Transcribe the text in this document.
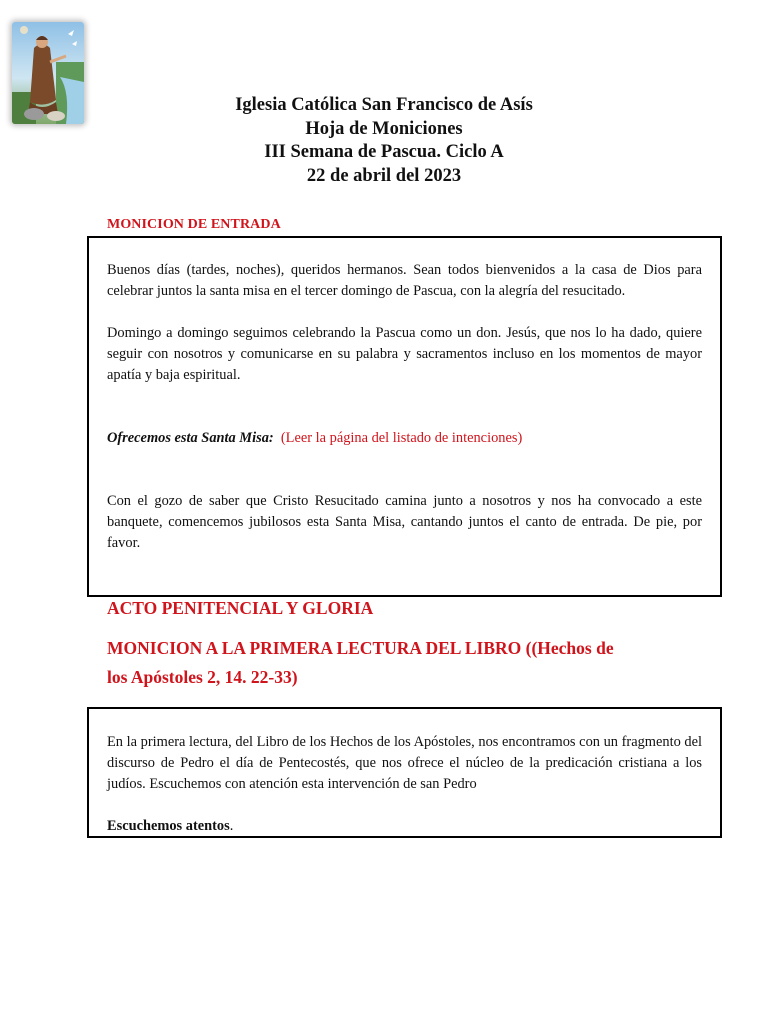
Iglesia Católica San Francisco de Asís
Hoja de Moniciones
III Semana de Pascua. Ciclo A
22 de abril del 2023
MONICION DE ENTRADA

Buenos días (tardes, noches), queridos hermanos. Sean todos bienvenidos a la casa de Dios para celebrar juntos la santa misa en el tercer domingo de Pascua, con la alegría del resucitado.

Domingo a domingo seguimos celebrando la Pascua como un don. Jesús, que nos lo ha dado, quiere seguir con nosotros y comunicarse en su palabra y sacramentos incluso en los momentos de mayor apatía y baja espiritual.

Ofrecemos esta Santa Misa: (Leer la página del listado de intenciones)

Con el gozo de saber que Cristo Resucitado camina junto a nosotros y nos ha convocado a este banquete, comencemos jubilosos esta Santa Misa, cantando juntos el canto de entrada. De pie, por favor.

ACTO PENITENCIAL Y GLORIA
MONICION A LA PRIMERA LECTURA DEL LIBRO ((Hechos de
los Apóstoles 2, 14. 22-33)

En la primera lectura, del Libro de los Hechos de los Apóstoles, nos encontramos con un fragmento del discurso de Pedro el día de Pentecostés, que nos ofrece el núcleo de la predicación cristiana a los judíos. Escuchemos con atención esta intervención de san Pedro

Escuchemos atentos.
